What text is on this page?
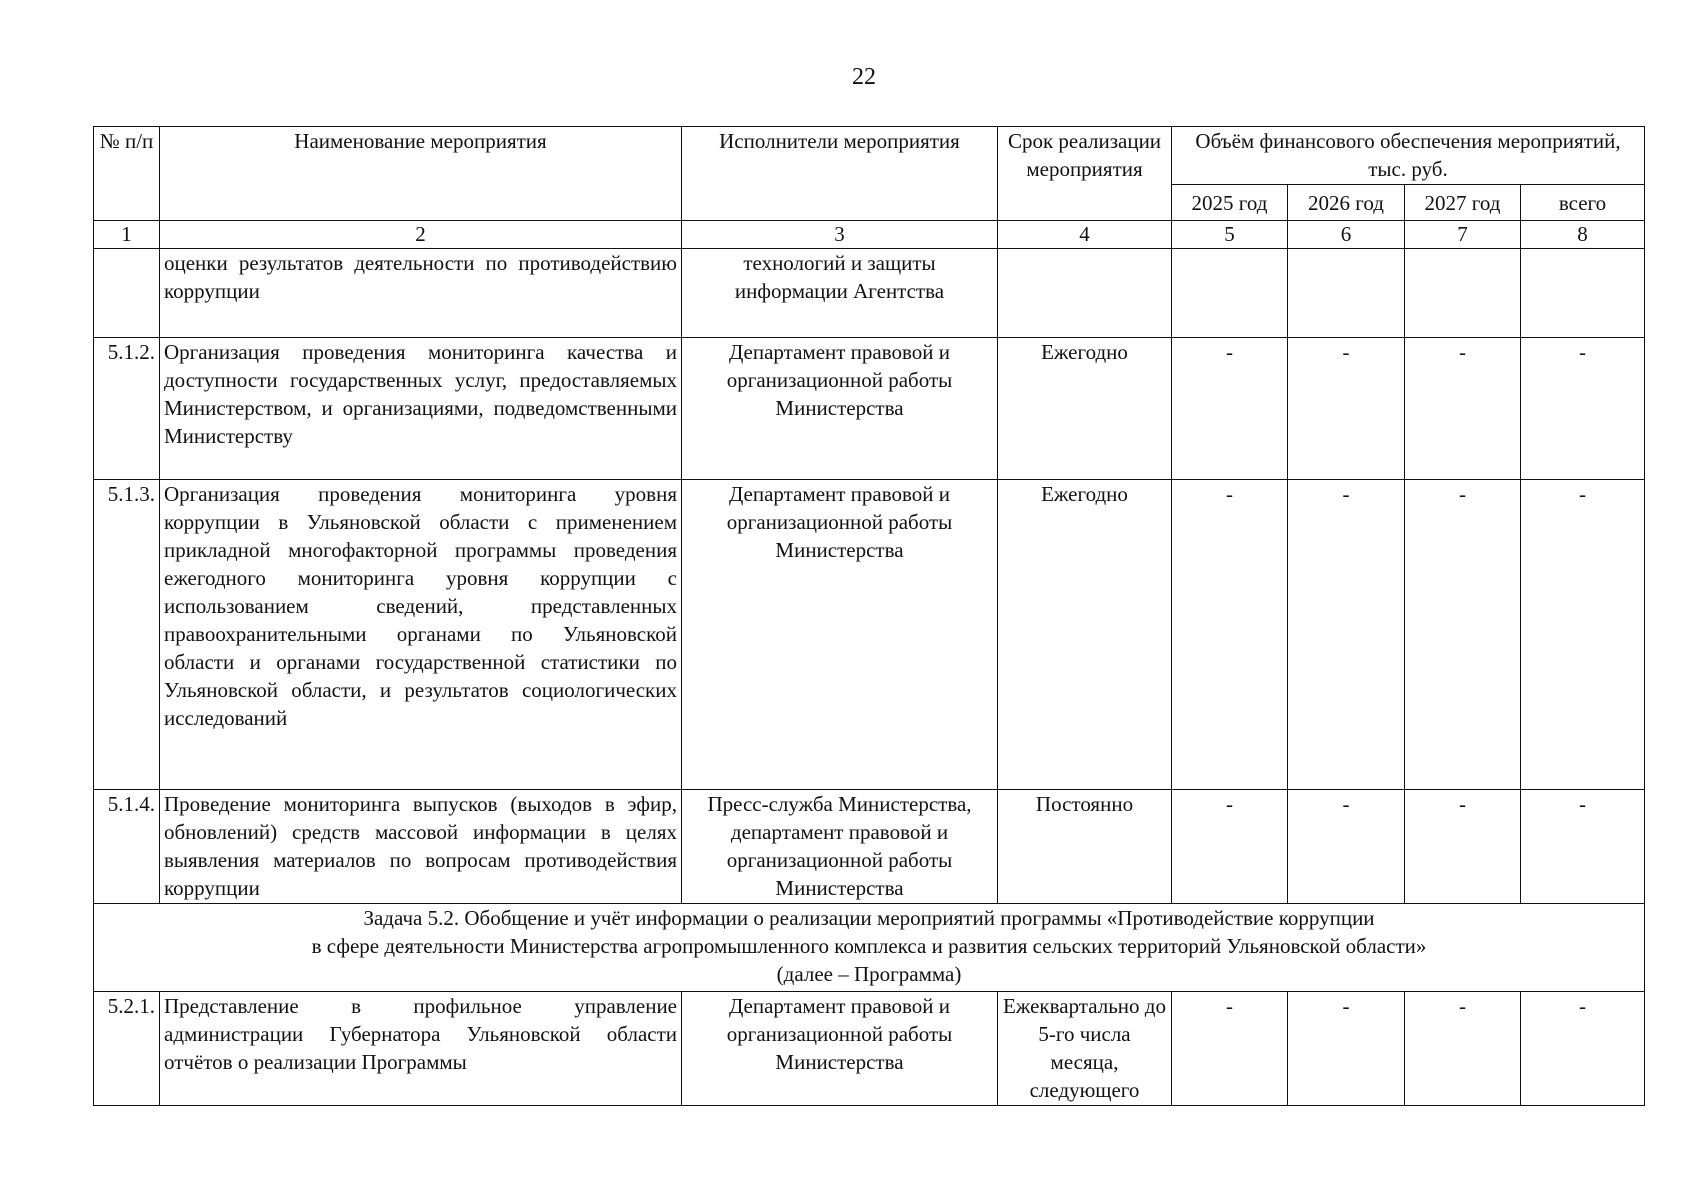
22
№ п/п	Наименование мероприятия	Исполнители мероприятия	Срок реализации мероприятия	Объём финансового обеспечения мероприятий, тыс. руб.			
				2025 год	2026 год	2027 год	всего
1	2	3	4	5	6	7	8
	оценки результатов деятельности по противодействию коррупции	технологий и защиты информации Агентства					
5.1.2.	Организация проведения мониторинга качества и доступности государственных услуг, предоставляемых Министерством, и организациями, подведомственными Министерству	Департамент правовой и организационной работы Министерства	Ежегодно	-	-	-	-
5.1.3.	Организация проведения мониторинга уровня коррупции в Ульяновской области с применением прикладной многофакторной программы проведения ежегодного мониторинга уровня коррупции с использованием сведений, представленных правоохранительными органами по Ульяновской области и органами государственной статистики по Ульяновской области, и результатов социологических исследований	Департамент правовой и организационной работы Министерства	Ежегодно	-	-	-	-
5.1.4.	Проведение мониторинга выпусков (выходов в эфир, обновлений) средств массовой информации в целях выявления материалов по вопросам противодействия коррупции	Пресс-служба Министерства, департамент правовой и организационной работы Министерства	Постоянно	-	-	-	-

Задача 5.2. Обобщение и учёт информации о реализации мероприятий программы «Противодействие коррупции
в сфере деятельности Министерства агропромышленного комплекса и развития сельских территорий Ульяновской области»
(далее – Программа)							

5.2.1.	Представление в профильное управление администрации Губернатора Ульяновской области отчётов о реализации Программы	Департамент правовой и организационной работы Министерства	Ежеквартально до 5-го числа месяца, следующего	-	-	-	-
